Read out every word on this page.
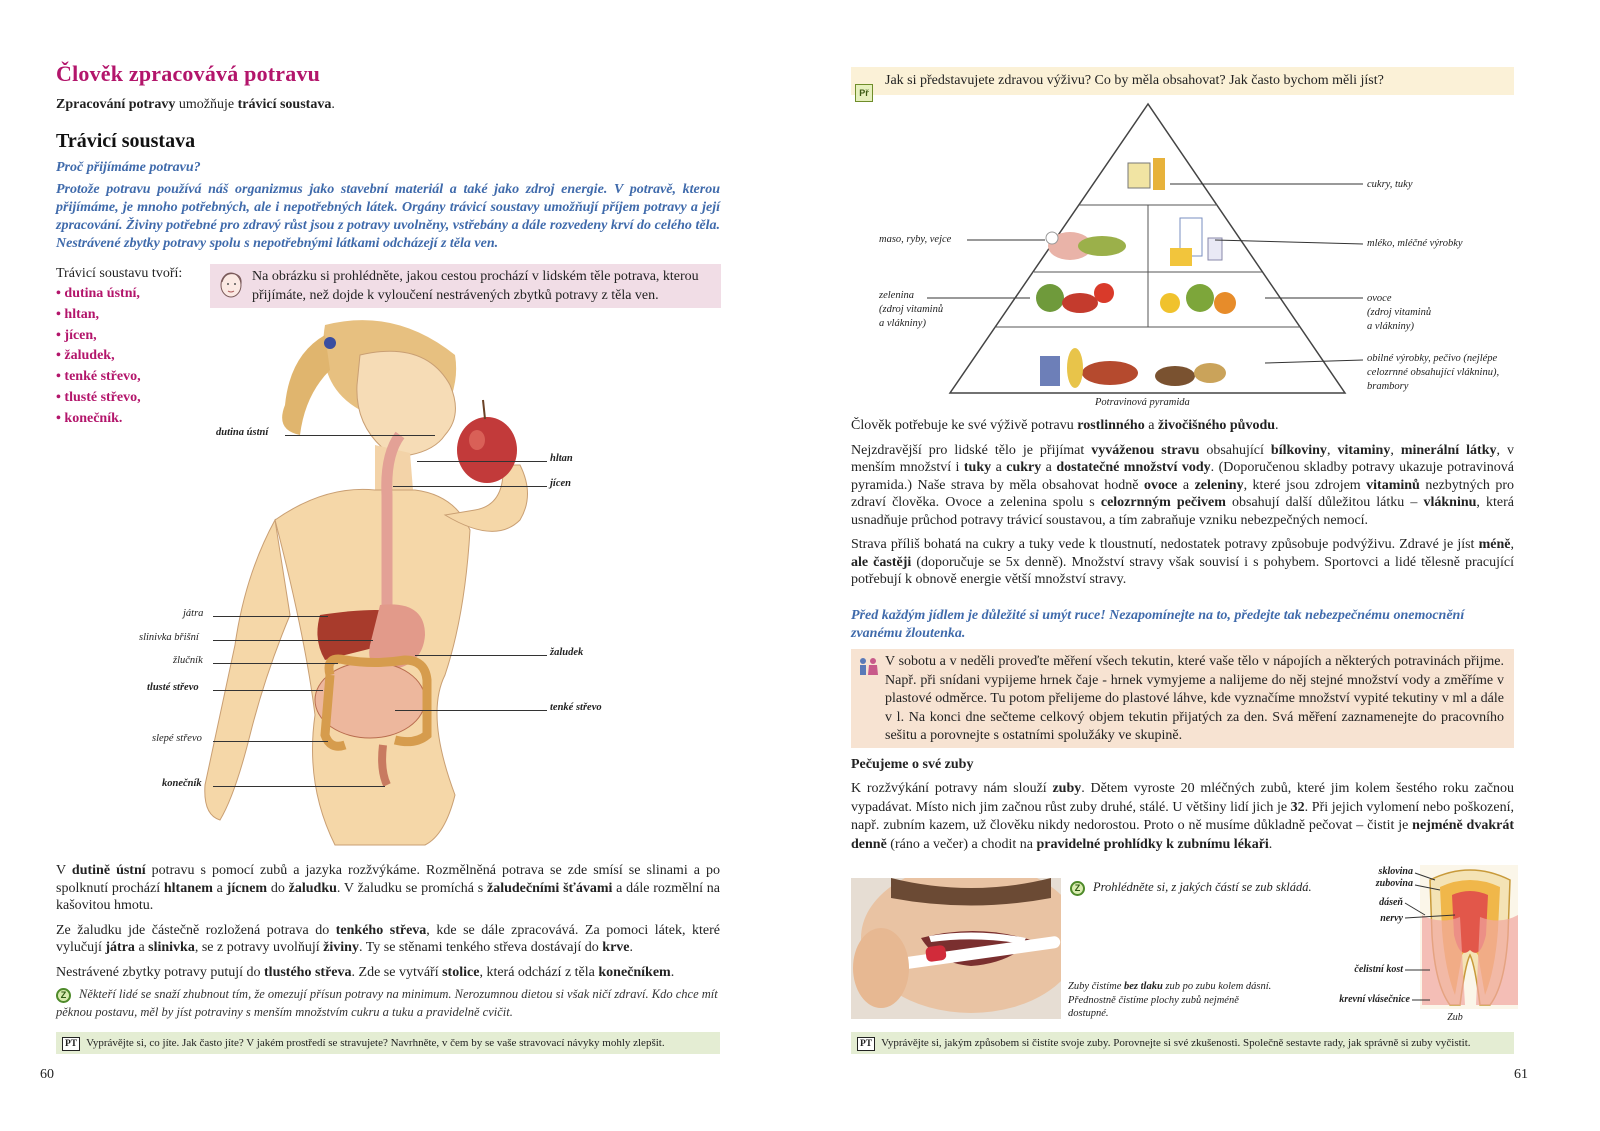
Člověk zpracovává potravu
Zpracování potravy umožňuje trávicí soustava.
Trávicí soustava
Proč přijímáme potravu?
Protože potravu používá náš organizmus jako stavební materiál a také jako zdroj energie. V potravě, kterou přijímáme, je mnoho potřebných, ale i nepotřebných látek. Orgány trávicí soustavy umožňují příjem potravy a její zpracování. Živiny potřebné pro zdravý růst jsou z potravy uvolněny, vstřebány a dále rozvedeny krví do celého těla. Nestrávené zbytky potravy spolu s nepotřebnými látkami odcházejí z těla ven.
Trávicí soustavu tvoří:
• dutina ústní,
• hltan,
• jícen,
• žaludek,
• tenké střevo,
• tlusté střevo,
• konečník.
Na obrázku si prohlédněte, jakou cestou prochází v lidském těle potrava, kterou přijímáte, než dojde k vyloučení nestrávených zbytků potravy z těla ven.
dutina ústní
hltan
jícen
játra
slinivka břišní
žlučník
žaludek
tlusté střevo
tenké střevo
slepé střevo
konečník

V dutině ústní potravu s pomocí zubů a jazyka rozžvýkáme. Rozmělněná potrava se zde smísí se slinami a po spolknutí prochází hltanem a jícnem do žaludku. V žaludku se promíchá s žaludečními šťávami a dále rozmělní na kašovitou hmotu.

Ze žaludku jde částečně rozložená potrava do tenkého střeva, kde se dále zpracovává. Za pomoci látek, které vylučují játra a slinivka, se z potravy uvolňují živiny. Ty se stěnami tenkého střeva dostávají do krve.

Nestrávené zbytky potravy putují do tlustého střeva. Zde se vytváří stolice, která odchází z těla konečníkem.

Z Někteří lidé se snaží zhubnout tím, že omezují přísun potravy na minimum. Nerozumnou dietou si však ničí zdraví. Kdo chce mít pěknou postavu, měl by jíst potraviny s menším množstvím cukru a tuku a pravidelně cvičit.
PT Vyprávějte si, co jíte. Jak často jíte? V jakém prostředí se stravujete? Navrhněte, v čem by se vaše stravovací návyky mohly zlepšit.
60
Př
Jak si představujete zdravou výživu? Co by měla obsahovat? Jak často bychom měli jíst?
cukry, tuky
maso, ryby, vejce	mléko, mléčné výrobky
zelenina
(zdroj vitaminů
a vlákniny)
ovoce
(zdroj vitaminů
a vlákniny)
obilné výrobky, pečivo (nejlépe
celozrnné obsahující vlákninu),
brambory
Potravinová pyramida

Člověk potřebuje ke své výživě potravu rostlinného a živočišného původu.

Nejzdravější pro lidské tělo je přijímat vyváženou stravu obsahující bílkoviny, vitaminy, minerální látky, v menším množství i tuky a cukry a dostatečné množství vody. (Doporučenou skladby potravy ukazuje potravinová pyramida.) Naše strava by měla obsahovat hodně ovoce a zeleniny, které jsou zdrojem vitaminů nezbytných pro zdraví člověka. Ovoce a zelenina spolu s celozrnným pečivem obsahují další důležitou látku – vlákninu, která usnadňuje průchod potravy trávicí soustavou, a tím zabraňuje vzniku nebezpečných nemocí.

Strava příliš bohatá na cukry a tuky vede k tloustnutí, nedostatek potravy způsobuje podvýživu. Zdravé je jíst méně, ale častěji (doporučuje se 5x denně). Množství stravy však souvisí i s pohybem. Sportovci a lidé tělesně pracující potřebují k obnově energie větší množství stravy.

Před každým jídlem je důležité si umýt ruce! Nezapomínejte na to, předejte tak nebezpečnému onemocnění zvanému žloutenka.
V sobotu a v neděli proveďte měření všech tekutin, které vaše tělo v nápojích a některých potravinách přijme. Např. při snídani vypijeme hrnek čaje - hrnek vymyjeme a nalijeme do něj stejné množství vody a změříme v plastové odměrce. Tu potom přelijeme do plastové láhve, kde vyznačíme množství vypité tekutiny v ml a dále v l. Na konci dne sečteme celkový objem tekutin přijatých za den. Svá měření zaznamenejte do pracovního sešitu a porovnejte s ostatními spolužáky ve skupině.
Pečujeme o své zuby
K rozžvýkání potravy nám slouží zuby. Dětem vyroste 20 mléčných zubů, které jim kolem šestého roku začnou vypadávat. Místo nich jim začnou růst zuby druhé, stálé. U většiny lidí jich je 32. Při jejich vylomení nebo poškození, např. zubním kazem, už člověku nikdy nedorostou. Proto o ně musíme důkladně pečovat – čistit je nejméně dvakrát denně (ráno a večer) a chodit na pravidelné prohlídky k zubnímu lékaři.
Z Prohlédněte si, z jakých částí se zub skládá.
Zuby čistíme bez tlaku zub po zubu kolem dásní. Přednostně čistíme plochy zubů nejméně dostupné.
sklovina
zubovina
dáseň
nervy
čelistní kost
krevní vlásečnice
Zub
PT Vyprávějte si, jakým způsobem si čistíte svoje zuby. Porovnejte si své zkušenosti. Společně sestavte rady, jak správně si zuby vyčistit.
61
